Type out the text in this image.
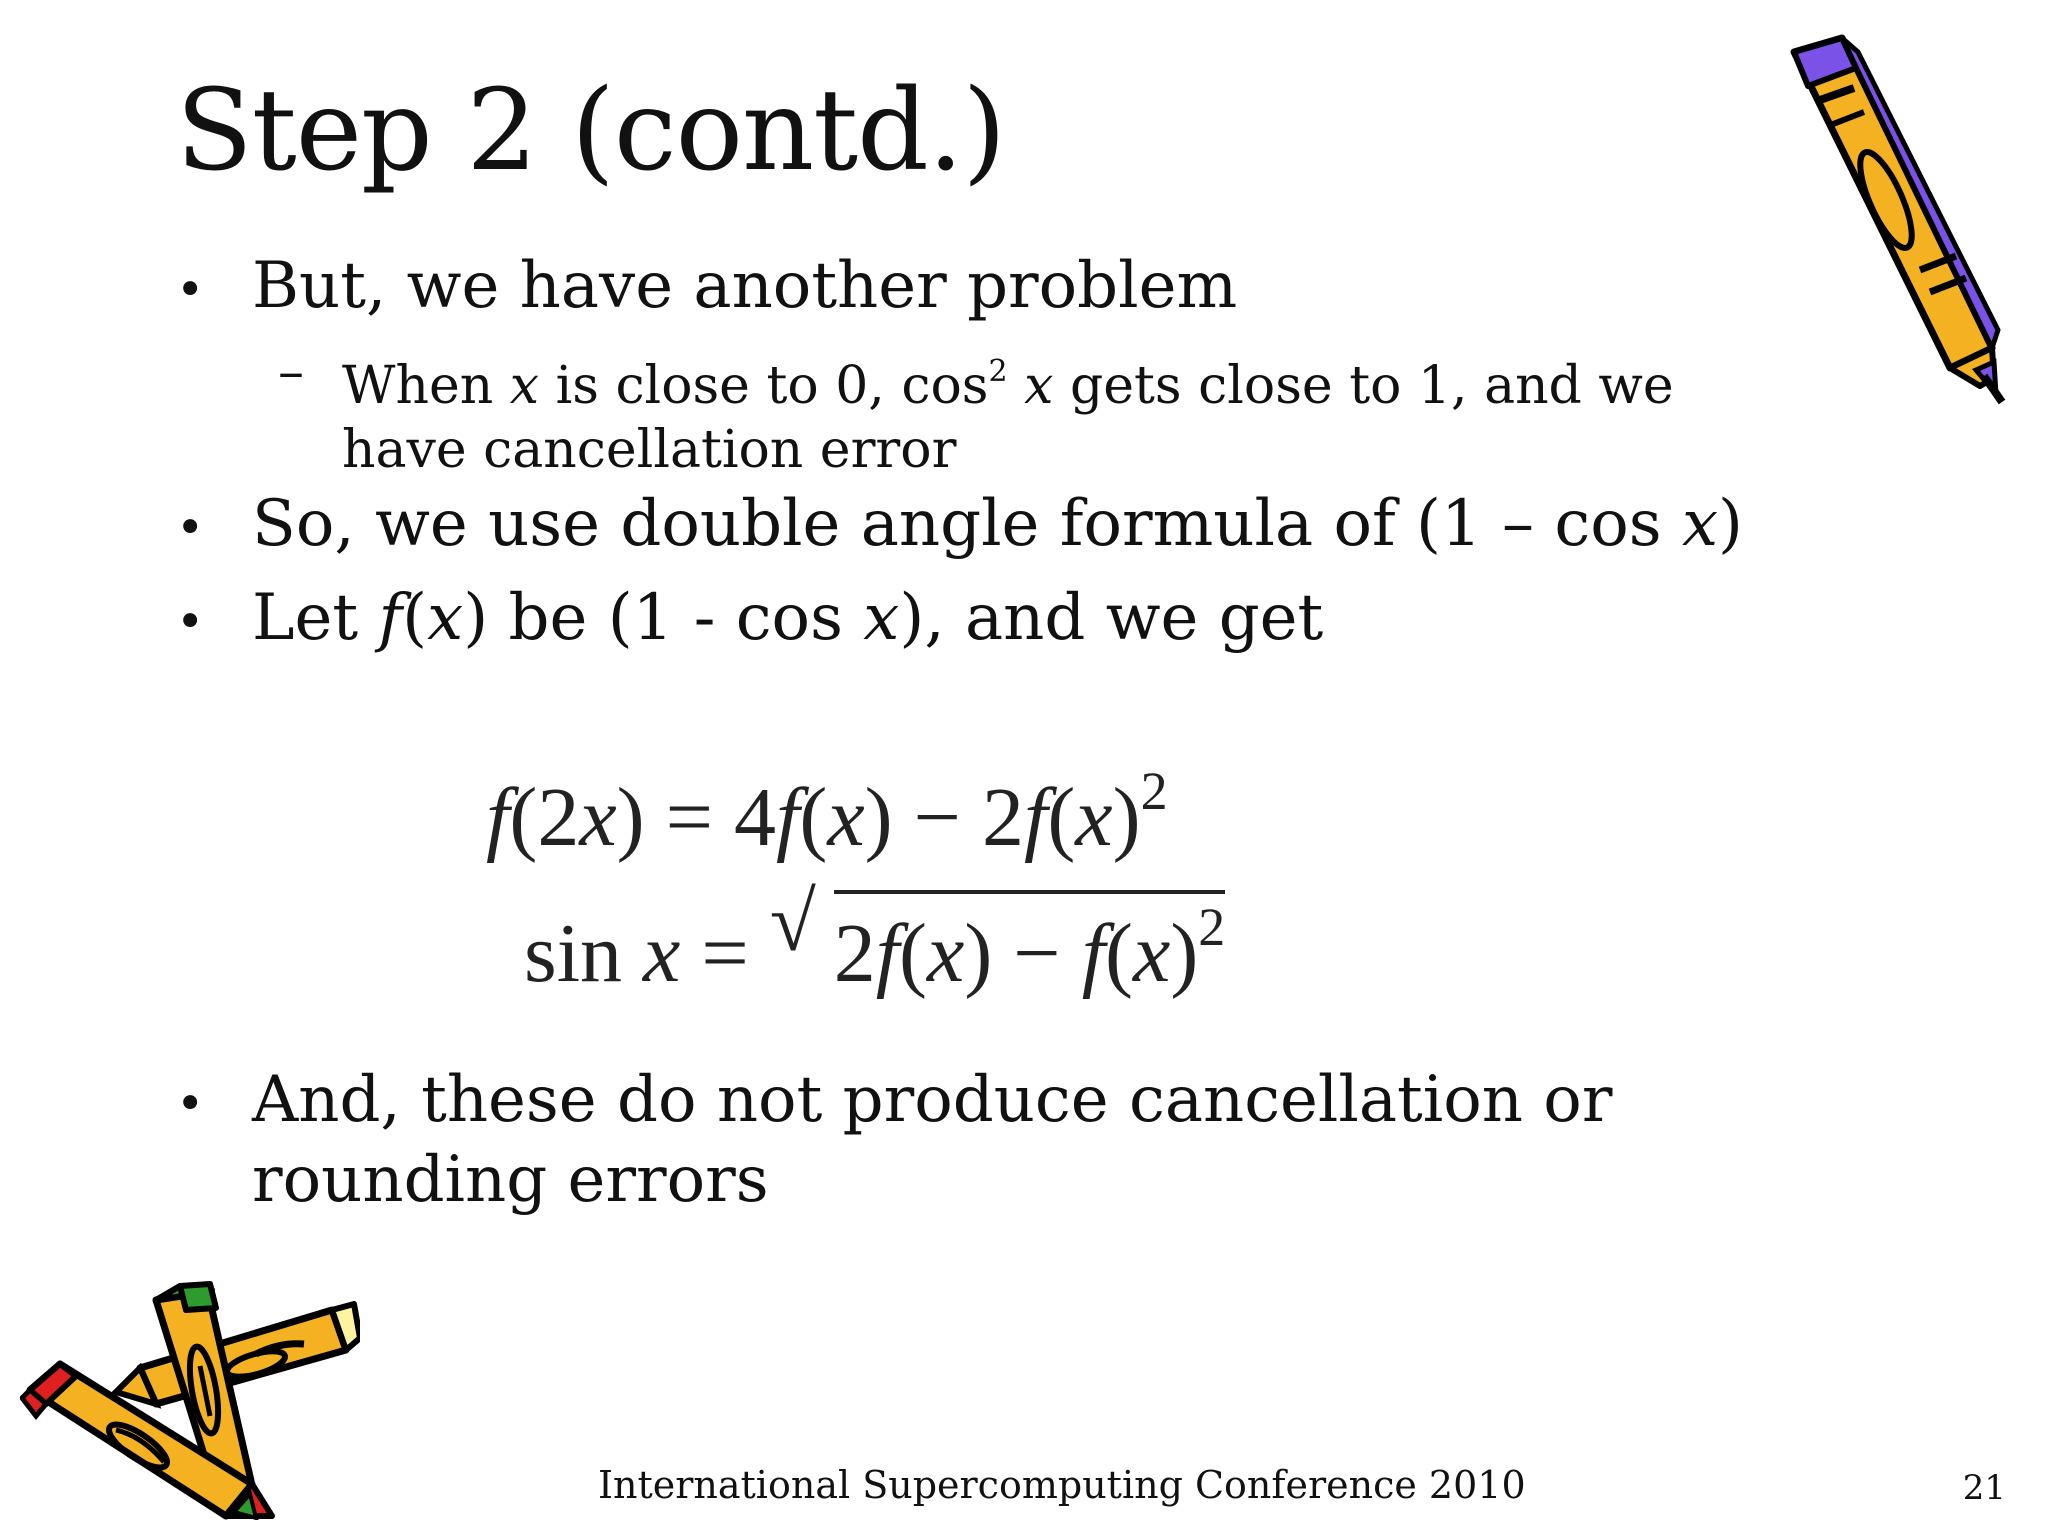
Step 2 (contd.)
• But, we have another problem
– When x is close to 0, $\cos^2 x$ gets close to 1, and we have cancellation error
• So, we use double angle formula of (1 – cos x)
• Let f(x) be (1 - cos x), and we get
$f(2x) = 4f(x) - 2f(x)^2$
sin x = √ $2f(x) - f(x)^2$
• And, these do not produce cancellation or rounding errors
International Supercomputing Conference 2010	21
